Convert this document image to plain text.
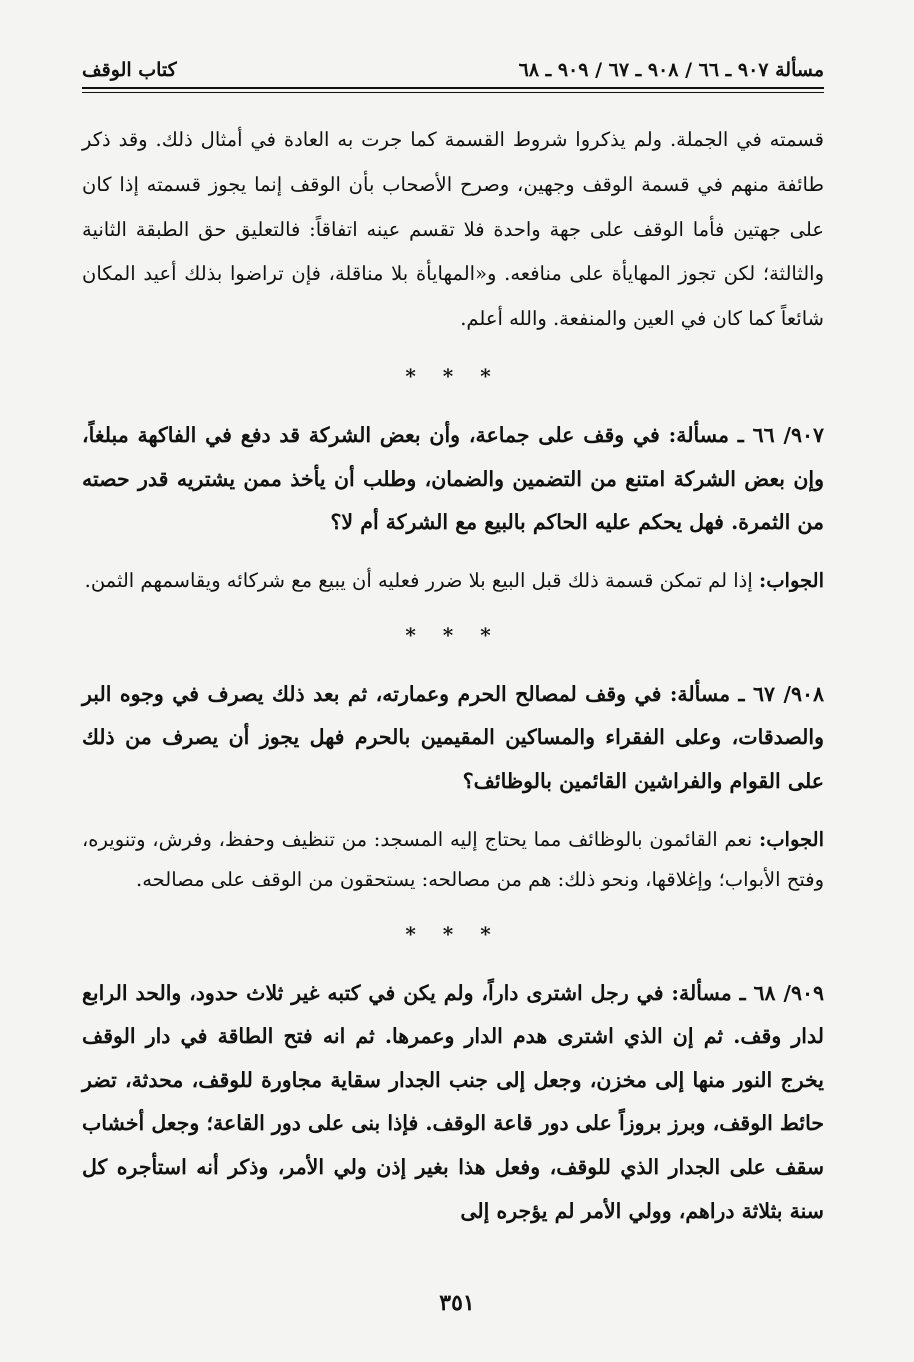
مسألة ٩٠٧ ـ ٦٦ / ٩٠٨ ـ ٦٧ / ٩٠٩ ـ ٦٨
كتاب الوقف

قسمته في الجملة. ولم يذكروا شروط القسمة كما جرت به العادة في أمثال ذلك. وقد ذكر طائفة منهم في قسمة الوقف وجهين، وصرح الأصحاب بأن الوقف إنما يجوز قسمته إذا كان على جهتين فأما الوقف على جهة واحدة فلا تقسم عينه اتفاقاً: فالتعليق حق الطبقة الثانية والثالثة؛ لكن تجوز المهايأة على منافعه. و«المهايأة بلا مناقلة، فإن تراضوا بذلك أعيد المكان شائعاً كما كان في العين والمنفعة. والله أعلم.

* * *

٩٠٧/ ٦٦ ـ مسألة: في وقف على جماعة، وأن بعض الشركة قد دفع في الفاكهة مبلغاً، وإن بعض الشركة امتنع من التضمين والضمان، وطلب أن يأخذ ممن يشتريه قدر حصته من الثمرة. فهل يحكم عليه الحاكم بالبيع مع الشركة أم لا؟

الجواب: إذا لم تمكن قسمة ذلك قبل البيع بلا ضرر فعليه أن يبيع مع شركائه ويقاسمهم الثمن.

* * *

٩٠٨/ ٦٧ ـ مسألة: في وقف لمصالح الحرم وعمارته، ثم بعد ذلك يصرف في وجوه البر والصدقات، وعلى الفقراء والمساكين المقيمين بالحرم فهل يجوز أن يصرف من ذلك على القوام والفراشين القائمين بالوظائف؟

الجواب: نعم القائمون بالوظائف مما يحتاج إليه المسجد: من تنظيف وحفظ، وفرش، وتنويره، وفتح الأبواب؛ وإغلاقها، ونحو ذلك: هم من مصالحه: يستحقون من الوقف على مصالحه.

* * *

٩٠٩/ ٦٨ ـ مسألة: في رجل اشترى داراً، ولم يكن في كتبه غير ثلاث حدود، والحد الرابع لدار وقف. ثم إن الذي اشترى هدم الدار وعمرها. ثم انه فتح الطاقة في دار الوقف يخرج النور منها إلى مخزن، وجعل إلى جنب الجدار سقاية مجاورة للوقف، محدثة، تضر حائط الوقف، وبرز بروزاً على دور قاعة الوقف. فإذا بنى على دور القاعة؛ وجعل أخشاب سقف على الجدار الذي للوقف، وفعل هذا بغير إذن ولي الأمر، وذكر أنه استأجره كل سنة بثلاثة دراهم، وولي الأمر لم يؤجره إلى

٣٥١
